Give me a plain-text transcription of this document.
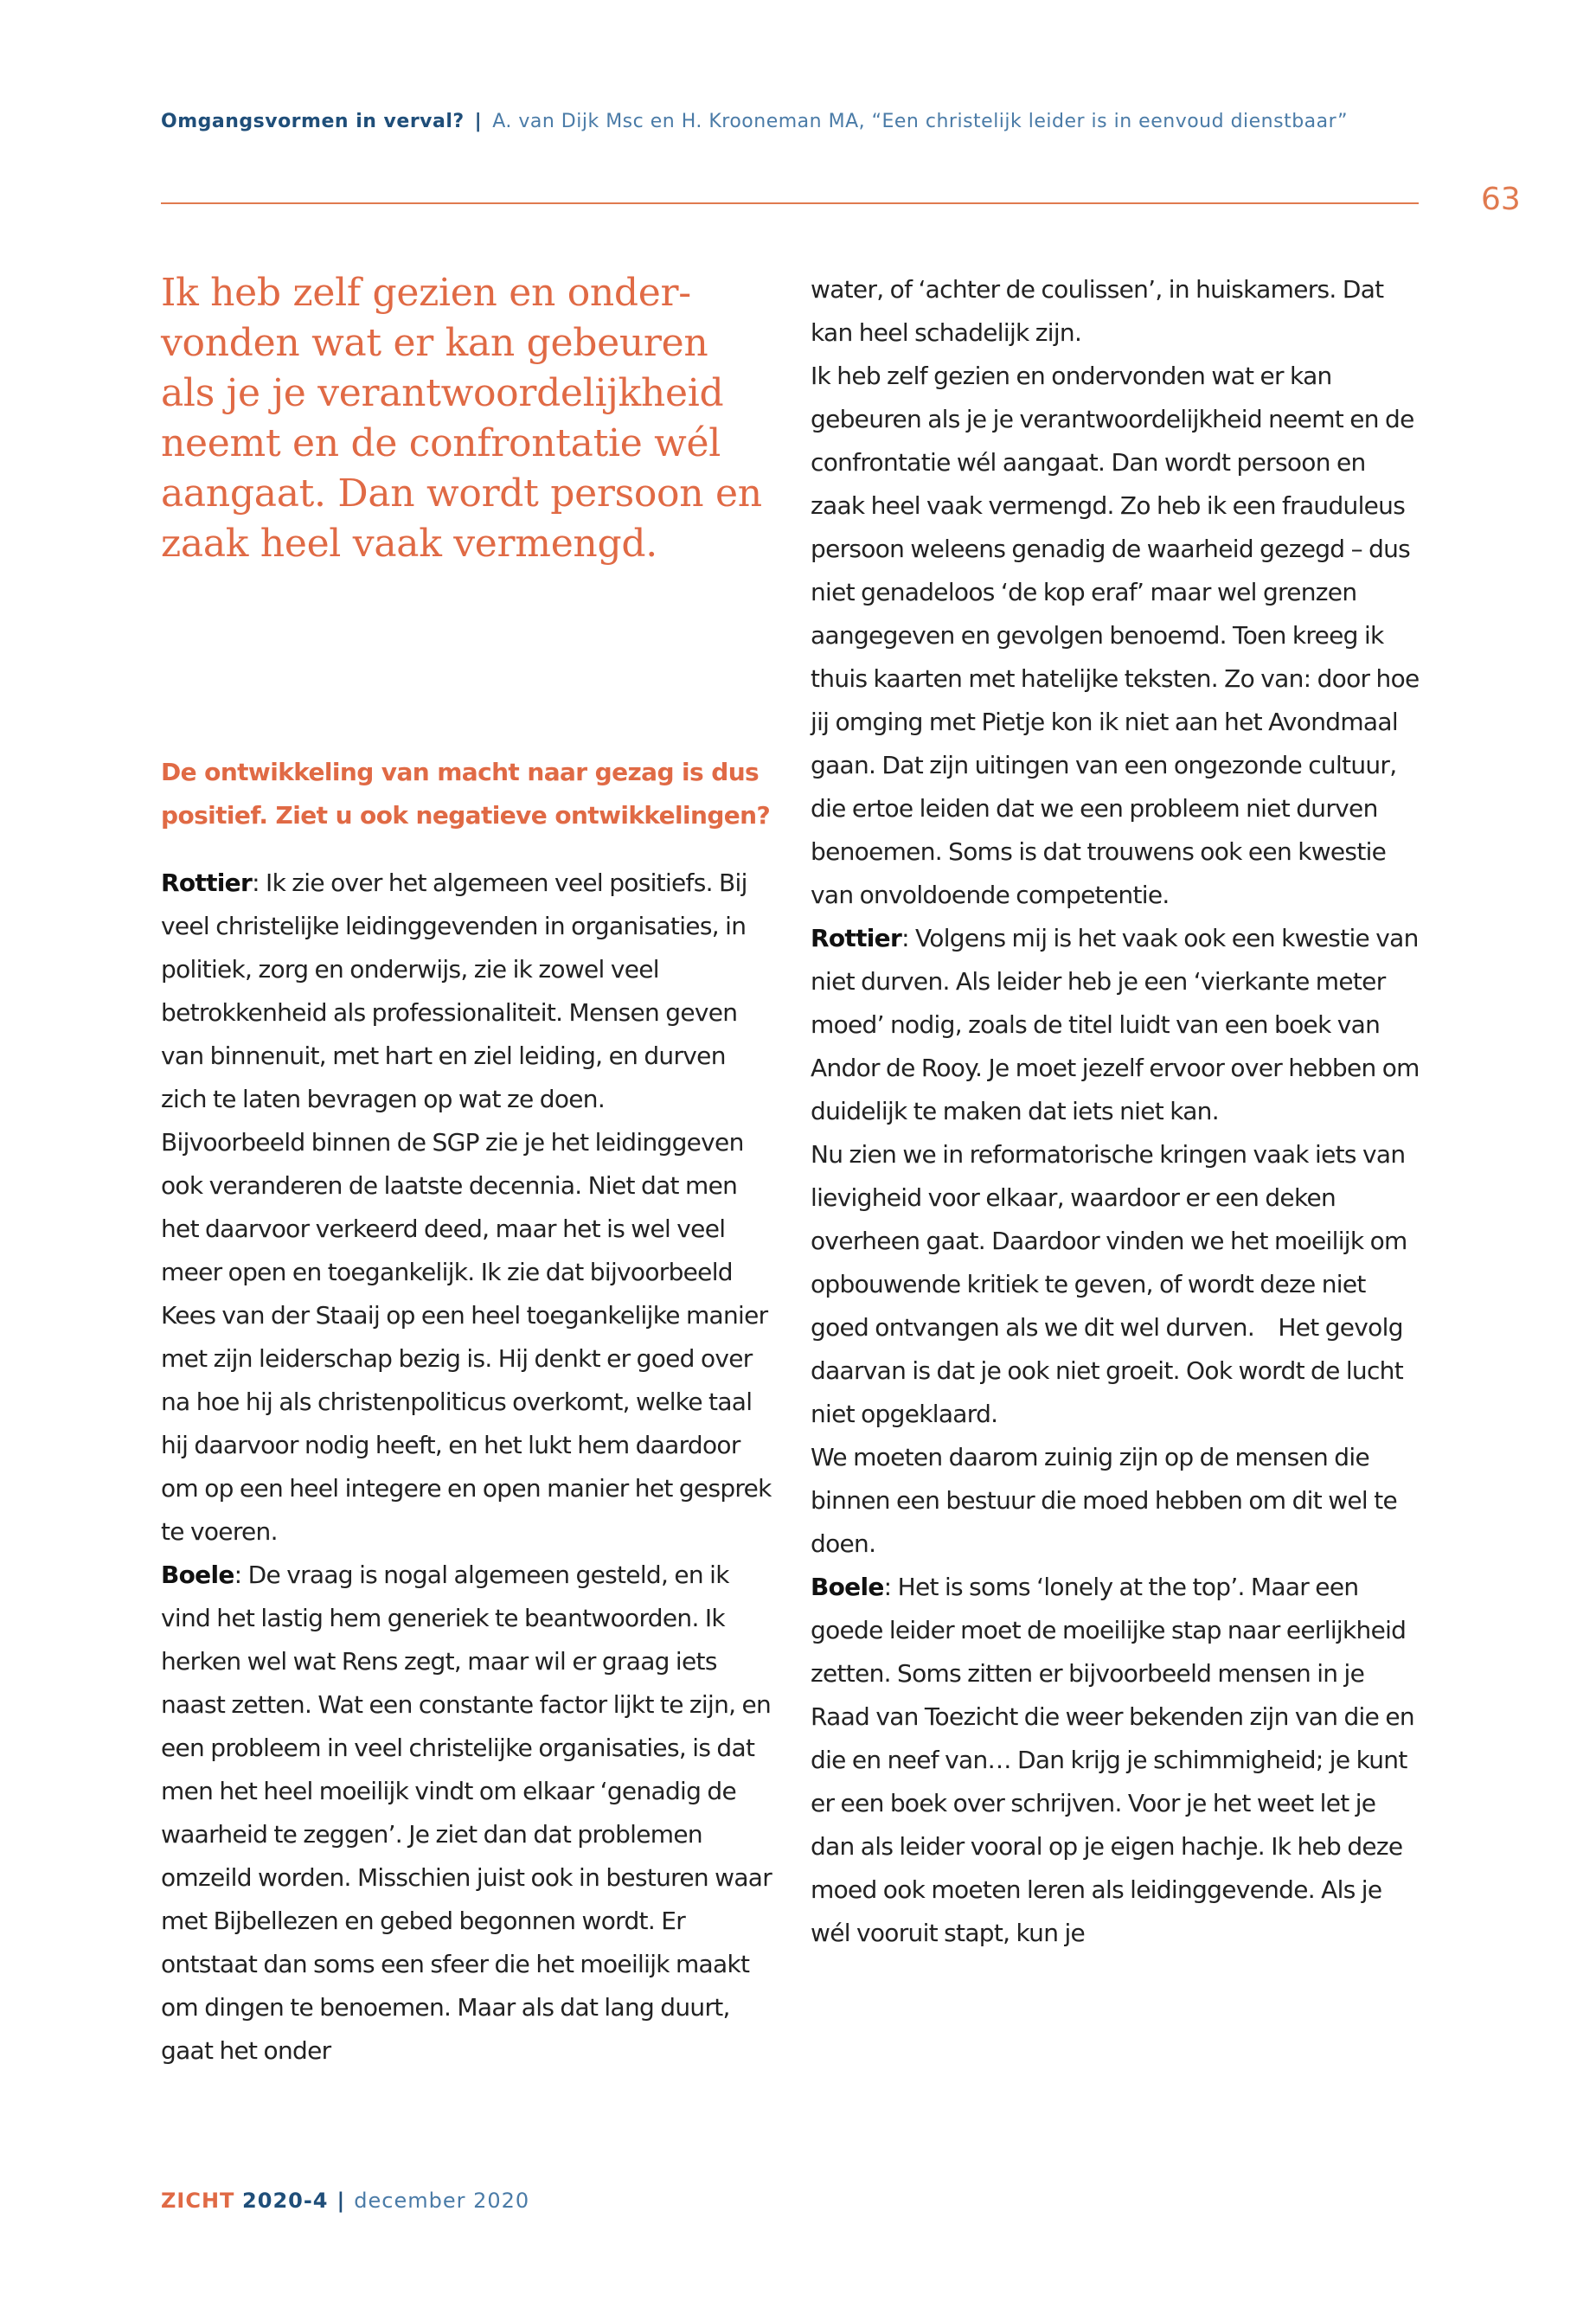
Omgangsvormen in verval? | A. van Dijk Msc en H. Krooneman MA, “Een christelijk leider is in eenvoud dienstbaar”
63

Ik heb zelf gezien en ondervonden wat er kan gebeuren als je je verantwoordelijkheid neemt en de confrontatie wél aangaat. Dan wordt persoon en zaak heel vaak vermengd.

De ontwikkeling van macht naar gezag is dus positief. Ziet u ook negatieve ontwikkelingen?

Rottier: Ik zie over het algemeen veel positiefs. Bij veel christelijke leidinggevenden in organisaties, in politiek, zorg en onderwijs, zie ik zowel veel betrokkenheid als professionaliteit. Mensen geven van binnenuit, met hart en ziel leiding, en durven zich te laten bevragen op wat ze doen.

Bijvoorbeeld binnen de SGP zie je het leidinggeven ook veranderen de laatste decennia. Niet dat men het daarvoor verkeerd deed, maar het is wel veel meer open en toegankelijk. Ik zie dat bijvoorbeeld Kees van der Staaij op een heel toegankelijke manier met zijn leiderschap bezig is. Hij denkt er goed over na hoe hij als christenpoliticus overkomt, welke taal hij daarvoor nodig heeft, en het lukt hem daardoor om op een heel integere en open manier het gesprek te voeren.

Boele: De vraag is nogal algemeen gesteld, en ik vind het lastig hem generiek te beantwoorden. Ik herken wel wat Rens zegt, maar wil er graag iets naast zetten. Wat een constante factor lijkt te zijn, en een probleem in veel christelijke organisaties, is dat men het heel moeilijk vindt om elkaar ‘genadig de waarheid te zeggen’. Je ziet dan dat problemen omzeild worden. Misschien juist ook in besturen waar met Bijbellezen en gebed begonnen wordt. Er ontstaat dan soms een sfeer die het moeilijk maakt om dingen te benoemen. Maar als dat lang duurt, gaat het onder

water, of ‘achter de coulissen’, in huiskamers. Dat kan heel schadelijk zijn.

Ik heb zelf gezien en ondervonden wat er kan gebeuren als je je verantwoordelijkheid neemt en de confrontatie wél aangaat. Dan wordt persoon en zaak heel vaak vermengd. Zo heb ik een frauduleus persoon weleens genadig de waarheid gezegd – dus niet genadeloos ‘de kop eraf’ maar wel grenzen aangegeven en gevolgen benoemd. Toen kreeg ik thuis kaarten met hatelijke teksten. Zo van: door hoe jij omging met Pietje kon ik niet aan het Avondmaal gaan. Dat zijn uitingen van een ongezonde cultuur, die ertoe leiden dat we een probleem niet durven benoemen. Soms is dat trouwens ook een kwestie van onvoldoende competentie.

Rottier: Volgens mij is het vaak ook een kwestie van niet durven. Als leider heb je een ‘vierkante meter moed’ nodig, zoals de titel luidt van een boek van Andor de Rooy. Je moet jezelf ervoor over hebben om duidelijk te maken dat iets niet kan.

Nu zien we in reformatorische kringen vaak iets van lievigheid voor elkaar, waardoor er een deken overheen gaat. Daardoor vinden we het moeilijk om opbouwende kritiek te geven, of wordt deze niet goed ontvangen als we dit wel durven. Het gevolg daarvan is dat je ook niet groeit. Ook wordt de lucht niet opgeklaard.

We moeten daarom zuinig zijn op de mensen die binnen een bestuur die moed hebben om dit wel te doen.

Boele: Het is soms ‘lonely at the top’. Maar een goede leider moet de moeilijke stap naar eerlijkheid zetten. Soms zitten er bijvoorbeeld mensen in je Raad van Toezicht die weer bekenden zijn van die en die en neef van… Dan krijg je schimmigheid; je kunt er een boek over schrijven. Voor je het weet let je dan als leider vooral op je eigen hachje. Ik heb deze moed ook moeten leren als leidinggevende. Als je wél vooruit stapt, kun je

ZICHT 2020-4 | december 2020
